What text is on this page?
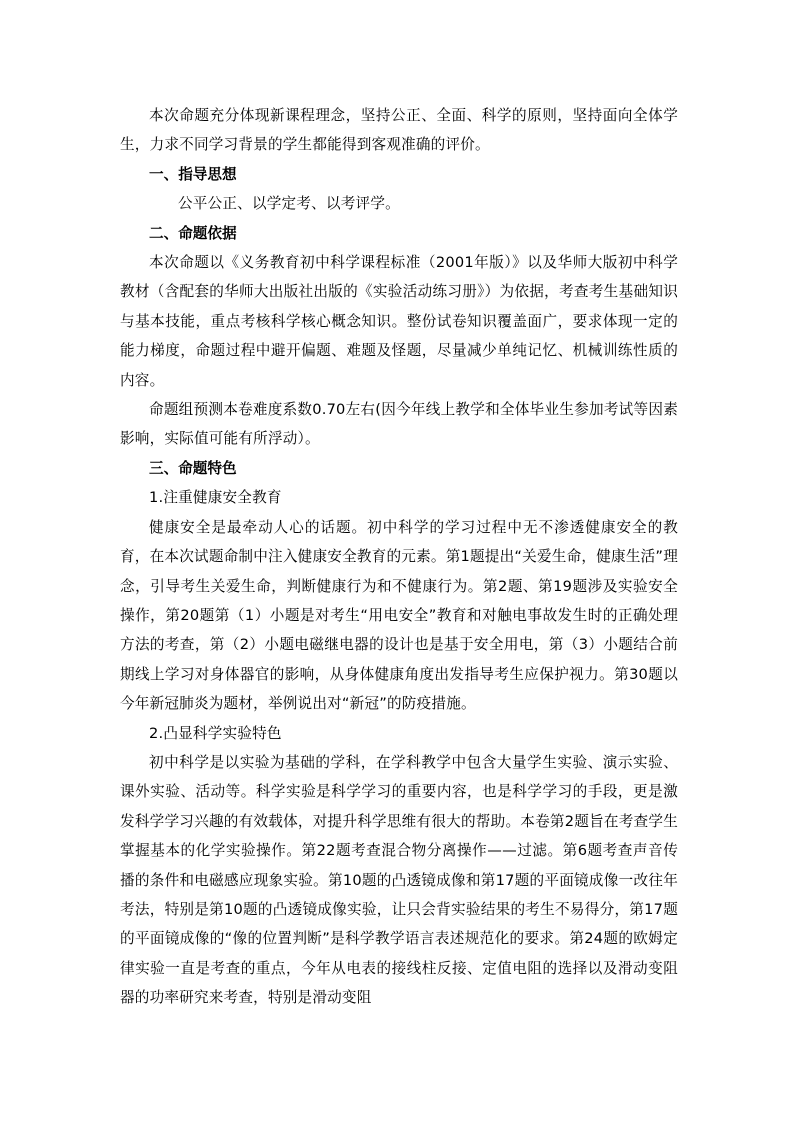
本次命题充分体现新课程理念，坚持公正、全面、科学的原则，坚持面向全体学生，力求不同学习背景的学生都能得到客观准确的评价。

一、指导思想

公平公正、以学定考、以考评学。

二、命题依据

本次命题以《义务教育初中科学课程标准（2001年版）》以及华师大版初中科学教材（含配套的华师大出版社出版的《实验活动练习册》）为依据，考查考生基础知识与基本技能，重点考核科学核心概念知识。整份试卷知识覆盖面广，要求体现一定的能力梯度，命题过程中避开偏题、难题及怪题，尽量减少单纯记忆、机械训练性质的内容。

命题组预测本卷难度系数0.70左右(因今年线上教学和全体毕业生参加考试等因素影响，实际值可能有所浮动）。

三、命题特色

1.注重健康安全教育

健康安全是最牵动人心的话题。初中科学的学习过程中无不渗透健康安全的教育，在本次试题命制中注入健康安全教育的元素。第1题提出“关爱生命，健康生活”理念，引导考生关爱生命，判断健康行为和不健康行为。第2题、第19题涉及实验安全操作，第20题第（1）小题是对考生“用电安全”教育和对触电事故发生时的正确处理方法的考查，第（2）小题电磁继电器的设计也是基于安全用电，第（3）小题结合前期线上学习对身体器官的影响，从身体健康角度出发指导考生应保护视力。第30题以今年新冠肺炎为题材，举例说出对“新冠”的防疫措施。

2.凸显科学实验特色

初中科学是以实验为基础的学科，在学科教学中包含大量学生实验、演示实验、课外实验、活动等。科学实验是科学学习的重要内容，也是科学学习的手段，更是激发科学学习兴趣的有效载体，对提升科学思维有很大的帮助。本卷第2题旨在考查学生掌握基本的化学实验操作。第22题考查混合物分离操作——过滤。第6题考查声音传播的条件和电磁感应现象实验。第10题的凸透镜成像和第17题的平面镜成像一改往年考法，特别是第10题的凸透镜成像实验，让只会背实验结果的考生不易得分，第17题的平面镜成像的“像的位置判断”是科学教学语言表述规范化的要求。第24题的欧姆定律实验一直是考查的重点，今年从电表的接线柱反接、定值电阻的选择以及滑动变阻器的功率研究来考查，特别是滑动变阻
